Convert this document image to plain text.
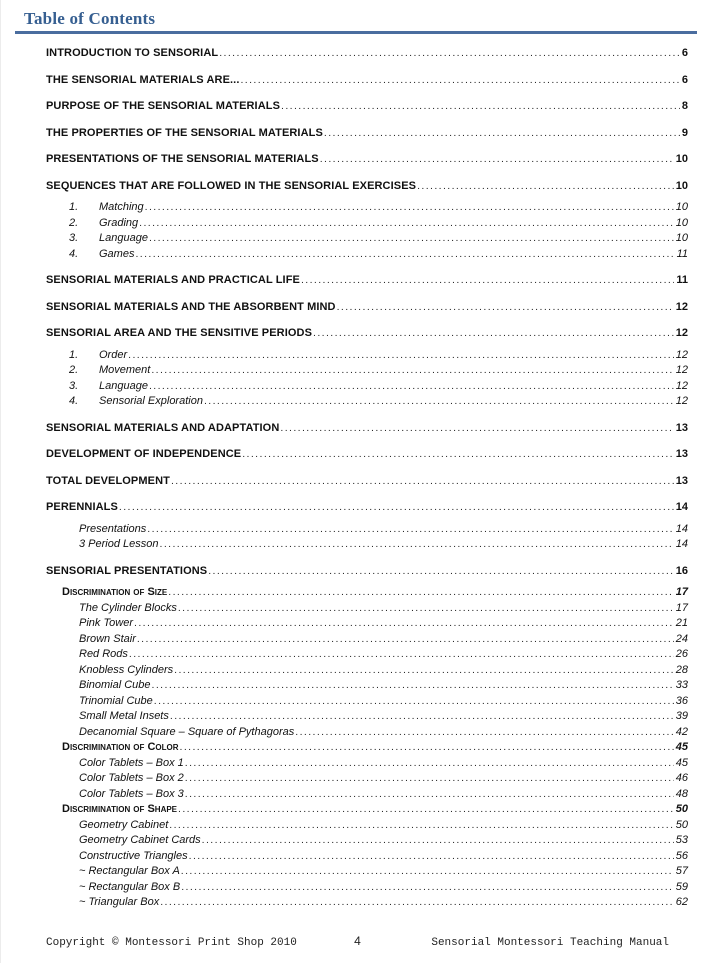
Table of Contents
INTRODUCTION TO SENSORIAL .....	6
THE SENSORIAL MATERIALS ARE... .....	6
PURPOSE OF THE SENSORIAL MATERIALS .....	8
THE PROPERTIES OF THE SENSORIAL MATERIALS .....	9
PRESENTATIONS OF THE SENSORIAL MATERIALS .....	10
SEQUENCES THAT ARE FOLLOWED IN THE SENSORIAL EXERCISES .....	10
1.	Matching .....	10
2.	Grading .....	10
3.	Language .....	10
4.	Games .....	11
SENSORIAL MATERIALS AND PRACTICAL LIFE .....	11
SENSORIAL MATERIALS AND THE ABSORBENT MIND .....	12
SENSORIAL AREA AND THE SENSITIVE PERIODS .....	12
1.	Order .....	12
2.	Movement .....	12
3.	Language .....	12
4.	Sensorial Exploration .....	12
SENSORIAL MATERIALS AND ADAPTATION .....	13
DEVELOPMENT OF INDEPENDENCE .....	13
TOTAL DEVELOPMENT .....	13
PERENNIALS .....	14
Presentations .....	14
3 Period Lesson .....	14
SENSORIAL PRESENTATIONS .....	16
Discrimination of Size .....	17
The Cylinder Blocks .....	17
Pink Tower .....	21
Brown Stair .....	24
Red Rods .....	26
Knobless Cylinders .....	28
Binomial Cube .....	33
Trinomial Cube .....	36
Small Metal Insets .....	39
Decanomial Square – Square of Pythagoras .....	42
Discrimination of Color .....	45
Color Tablets – Box 1 .....	45
Color Tablets – Box 2 .....	46
Color Tablets – Box 3 .....	48
Discrimination of Shape .....	50
Geometry Cabinet .....	50
Geometry Cabinet Cards .....	53
Constructive Triangles .....	56
~ Rectangular Box A .....	57
~ Rectangular Box B .....	59
~ Triangular Box .....	62
Copyright © Montessori Print Shop 2010	4	Sensorial Montessori Teaching Manual
